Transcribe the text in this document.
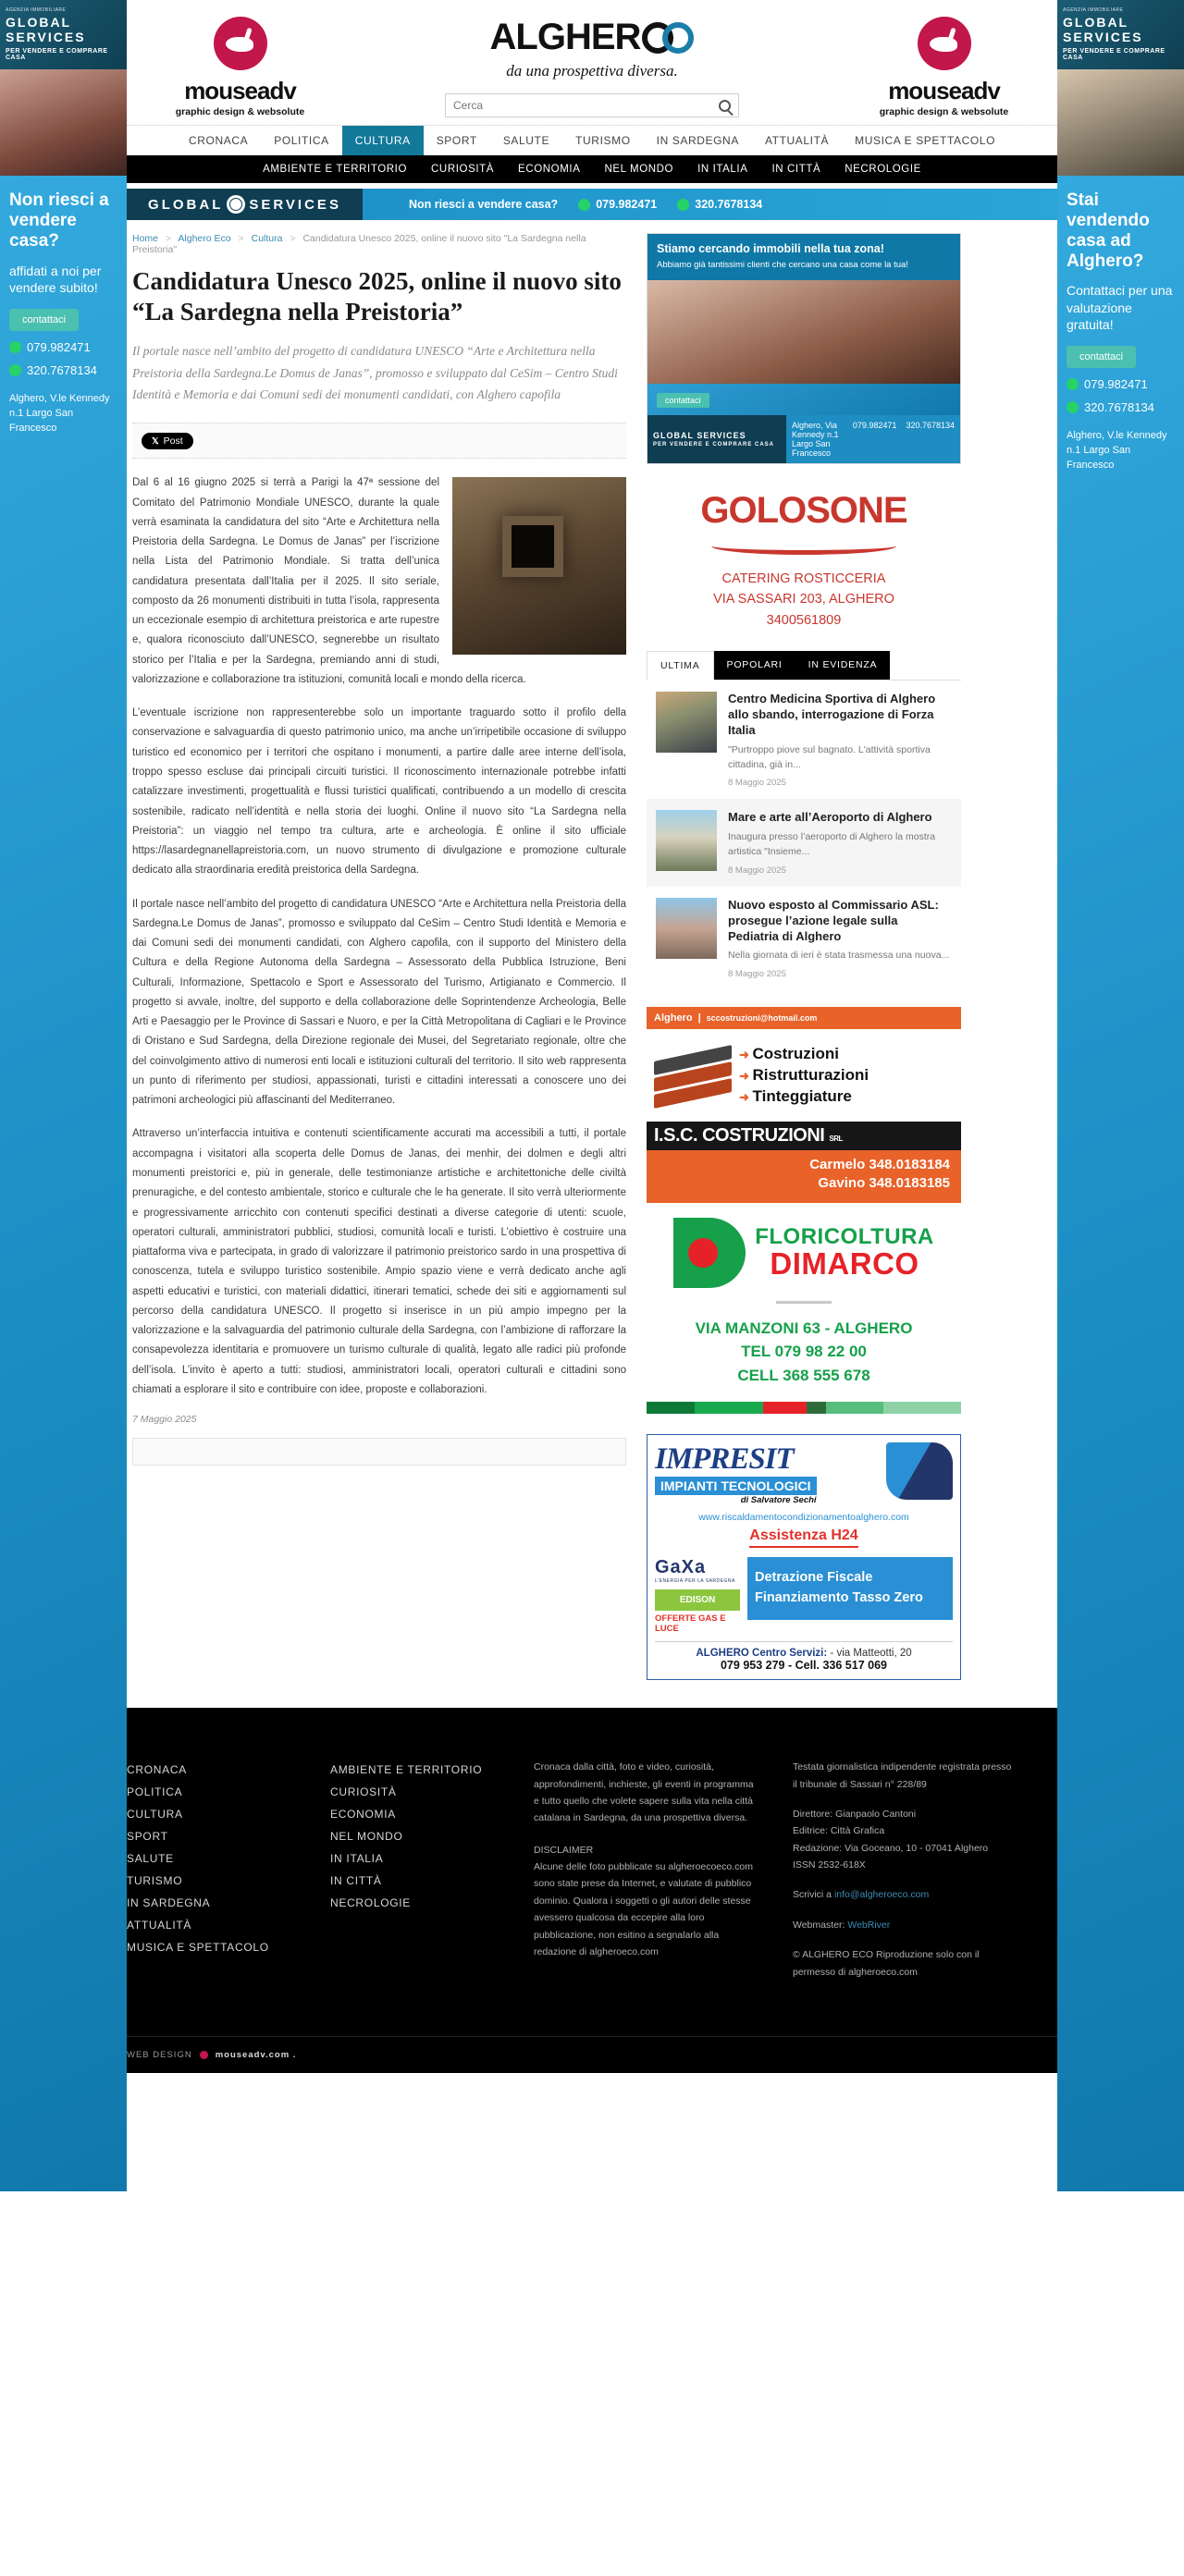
AGENZIA IMMOBILIARE
GLOBAL SERVICES
PER VENDERE E COMPRARE CASA
Non riesci a vendere casa?

affidati a noi per vendere subito!

contattaci
079.982471
320.7678134
Alghero, V.le Kennedy n.1 Largo San Francesco
AGENZIA IMMOBILIARE
GLOBAL SERVICES
PER VENDERE E COMPRARE CASA
Stai vendendo casa ad Alghero?

Contattaci per una valutazione gratuita!

contattaci
079.982471
320.7678134
Alghero, V.le Kennedy n.1 Largo San Francesco
mouseadv
graphic design & websolute
ALGHER
da una prospettiva diversa.
Cerca
mouseadv
graphic design & websolute
CRONACA	POLITICA	CULTURA	SPORT	SALUTE	TURISMO	IN SARDEGNA	ATTUALITÀ	MUSICA E SPETTACOLO
AMBIENTE E TERRITORIO	CURIOSITÀ	ECONOMIA	NEL MONDO	IN ITALIA	IN CITTÀ	NECROLOGIE
GLOBAL SERVICES	Non riesci a vendere casa?	079.982471	320.7678134
Home > Alghero Eco > Cultura > Candidatura Unesco 2025, online il nuovo sito "La Sardegna nella Preistoria"
Candidatura Unesco 2025, online il nuovo sito “La Sardegna nella Preistoria”

Il portale nasce nell’ambito del progetto di candidatura UNESCO “Arte e Architettura nella Preistoria della Sardegna.Le Domus de Janas”, promosso e sviluppato dal CeSim – Centro Studi Identità e Memoria e dai Comuni sedi dei monumenti candidati, con Alghero capofila

𝕏 Post

Dal 6 al 16 giugno 2025 si terrà a Parigi la 47ª sessione del Comitato del Patrimonio Mondiale UNESCO, durante la quale verrà esaminata la candidatura del sito “Arte e Architettura nella Preistoria della Sardegna. Le Domus de Janas” per l’iscrizione nella Lista del Patrimonio Mondiale. Si tratta dell’unica candidatura presentata dall’Italia per il 2025. Il sito seriale, composto da 26 monumenti distribuiti in tutta l’isola, rappresenta un eccezionale esempio di architettura preistorica e arte rupestre e, qualora riconosciuto dall’UNESCO, segnerebbe un risultato storico per l’Italia e per la Sardegna, premiando anni di studi, valorizzazione e collaborazione tra istituzioni, comunità locali e mondo della ricerca.

L’eventuale iscrizione non rappresenterebbe solo un importante traguardo sotto il profilo della conservazione e salvaguardia di questo patrimonio unico, ma anche un’irripetibile occasione di sviluppo turistico ed economico per i territori che ospitano i monumenti, a partire dalle aree interne dell’isola, troppo spesso escluse dai principali circuiti turistici. Il riconoscimento internazionale potrebbe infatti catalizzare investimenti, progettualità e flussi turistici qualificati, contribuendo a un modello di crescita sostenibile, radicato nell’identità e nella storia dei luoghi. Online il nuovo sito “La Sardegna nella Preistoria”: un viaggio nel tempo tra cultura, arte e archeologia. È online il sito ufficiale https://lasardegnanellapreistoria.com, un nuovo strumento di divulgazione e promozione culturale dedicato alla straordinaria eredità preistorica della Sardegna.

Il portale nasce nell’ambito del progetto di candidatura UNESCO “Arte e Architettura nella Preistoria della Sardegna.Le Domus de Janas”, promosso e sviluppato dal CeSim – Centro Studi Identità e Memoria e dai Comuni sedi dei monumenti candidati, con Alghero capofila, con il supporto del Ministero della Cultura e della Regione Autonoma della Sardegna – Assessorato della Pubblica Istruzione, Beni Culturali, Informazione, Spettacolo e Sport e Assessorato del Turismo, Artigianato e Commercio. Il progetto si avvale, inoltre, del supporto e della collaborazione delle Soprintendenze Archeologia, Belle Arti e Paesaggio per le Province di Sassari e Nuoro, e per la Città Metropolitana di Cagliari e le Province di Oristano e Sud Sardegna, della Direzione regionale dei Musei, del Segretariato regionale, oltre che del coinvolgimento attivo di numerosi enti locali e istituzioni culturali del territorio. Il sito web rappresenta un punto di riferimento per studiosi, appassionati, turisti e cittadini interessati a conoscere uno dei patrimoni archeologici più affascinanti del Mediterraneo.

Attraverso un’interfaccia intuitiva e contenuti scientificamente accurati ma accessibili a tutti, il portale accompagna i visitatori alla scoperta delle Domus de Janas, dei menhir, dei dolmen e degli altri monumenti preistorici e, più in generale, delle testimonianze artistiche e architettoniche delle civiltà prenuragiche, e del contesto ambientale, storico e culturale che le ha generate. Il sito verrà ulteriormente e progressivamente arricchito con contenuti specifici destinati a diverse categorie di utenti: scuole, operatori culturali, amministratori pubblici, studiosi, comunità locali e turisti. L’obiettivo è costruire una piattaforma viva e partecipata, in grado di valorizzare il patrimonio preistorico sardo in una prospettiva di conoscenza, tutela e sviluppo turistico sostenibile. Ampio spazio viene e verrà dedicato anche agli aspetti educativi e turistici, con materiali didattici, itinerari tematici, schede dei siti e aggiornamenti sul percorso della candidatura UNESCO. Il progetto si inserisce in un più ampio impegno per la valorizzazione e la salvaguardia del patrimonio culturale della Sardegna, con l’ambizione di rafforzare la consapevolezza identitaria e promuovere un turismo culturale di qualità, legato alle radici più profonde dell’isola. L’invito è aperto a tutti: studiosi, amministratori locali, operatori culturali e cittadini sono chiamati a esplorare il sito e contribuire con idee, proposte e collaborazioni.

7 Maggio 2025
Stiamo cercando immobili nella tua zona!
Abbiamo già tantissimi clienti che cercano una casa come la tua!
contattaci
GLOBAL SERVICES
PER VENDERE E COMPRARE CASA
Alghero, Via Kennedy n.1 Largo San Francesco
079.982471 320.7678134
GOLOSONE
CATERING ROSTICCERIA
VIA SASSARI 203, ALGHERO
3400561809
ULTIMA	POPOLARI	IN EVIDENZA
Centro Medicina Sportiva di Alghero allo sbando, interrogazione di Forza Italia

"Purtroppo piove sul bagnato. L'attività sportiva cittadina, già in...

8 Maggio 2025
Mare e arte all’Aeroporto di Alghero

Inaugura presso l’aeroporto di Alghero la mostra artistica "Insieme...

8 Maggio 2025
Nuovo esposto al Commissario ASL: prosegue l’azione legale sulla Pediatria di Alghero

Nella giornata di ieri è stata trasmessa una nuova...

8 Maggio 2025
Alghero | sccostruzioni@hotmail.com
➜ Costruzioni
➜ Ristrutturazioni
➜ Tinteggiature
I.S.C. COSTRUZIONI SRL
Carmelo 348.0183184
Gavino 348.0183185
FLORICOLTURA
DIMARCO
VIA MANZONI 63 - ALGHERO
TEL 079 98 22 00
CELL 368 555 678
IMPRESIT
IMPIANTI TECNOLOGICI
di Salvatore Sechi
www.riscaldamentocondizionamentoalghero.com
Assistenza H24
GaXa
L'ENERGIA PER LA SARDEGNA
EDISON
OFFERTE GAS E LUCE
Detrazione Fiscale
Finanziamento Tasso Zero
ALGHERO Centro Servizi: - via Matteotti, 20
079 953 279 - Cell. 336 517 069
CRONACA
POLITICA
CULTURA
SPORT
SALUTE
TURISMO
IN SARDEGNA
ATTUALITÀ
MUSICA E SPETTACOLO
AMBIENTE E TERRITORIO
CURIOSITÀ
ECONOMIA
NEL MONDO
IN ITALIA
IN CITTÀ
NECROLOGIE
Cronaca dalla città, foto e video, curiosità, approfondimenti, inchieste, gli eventi in programma e tutto quello che volete sapere sulla vita nella città catalana in Sardegna, da una prospettiva diversa.
DISCLAIMER
Alcune delle foto pubblicate su algheroecoeco.com sono state prese da Internet, e valutate di pubblico dominio. Qualora i soggetti o gli autori delle stesse avessero qualcosa da eccepire alla loro pubblicazione, non esitino a segnalarlo alla redazione di algheroeco.com
Testata giornalistica indipendente registrata presso il tribunale di Sassari n° 228/89
Direttore: Gianpaolo Cantoni
Editrice: Città Grafica
Redazione: Via Goceano, 10 - 07041 Alghero
ISSN 2532-618X
Scrivici a info@algheroeco.com
Webmaster: WebRiver
© ALGHERO ECO Riproduzione solo con il permesso di algheroeco.com
WEB DESIGN	mouseadv.com .
